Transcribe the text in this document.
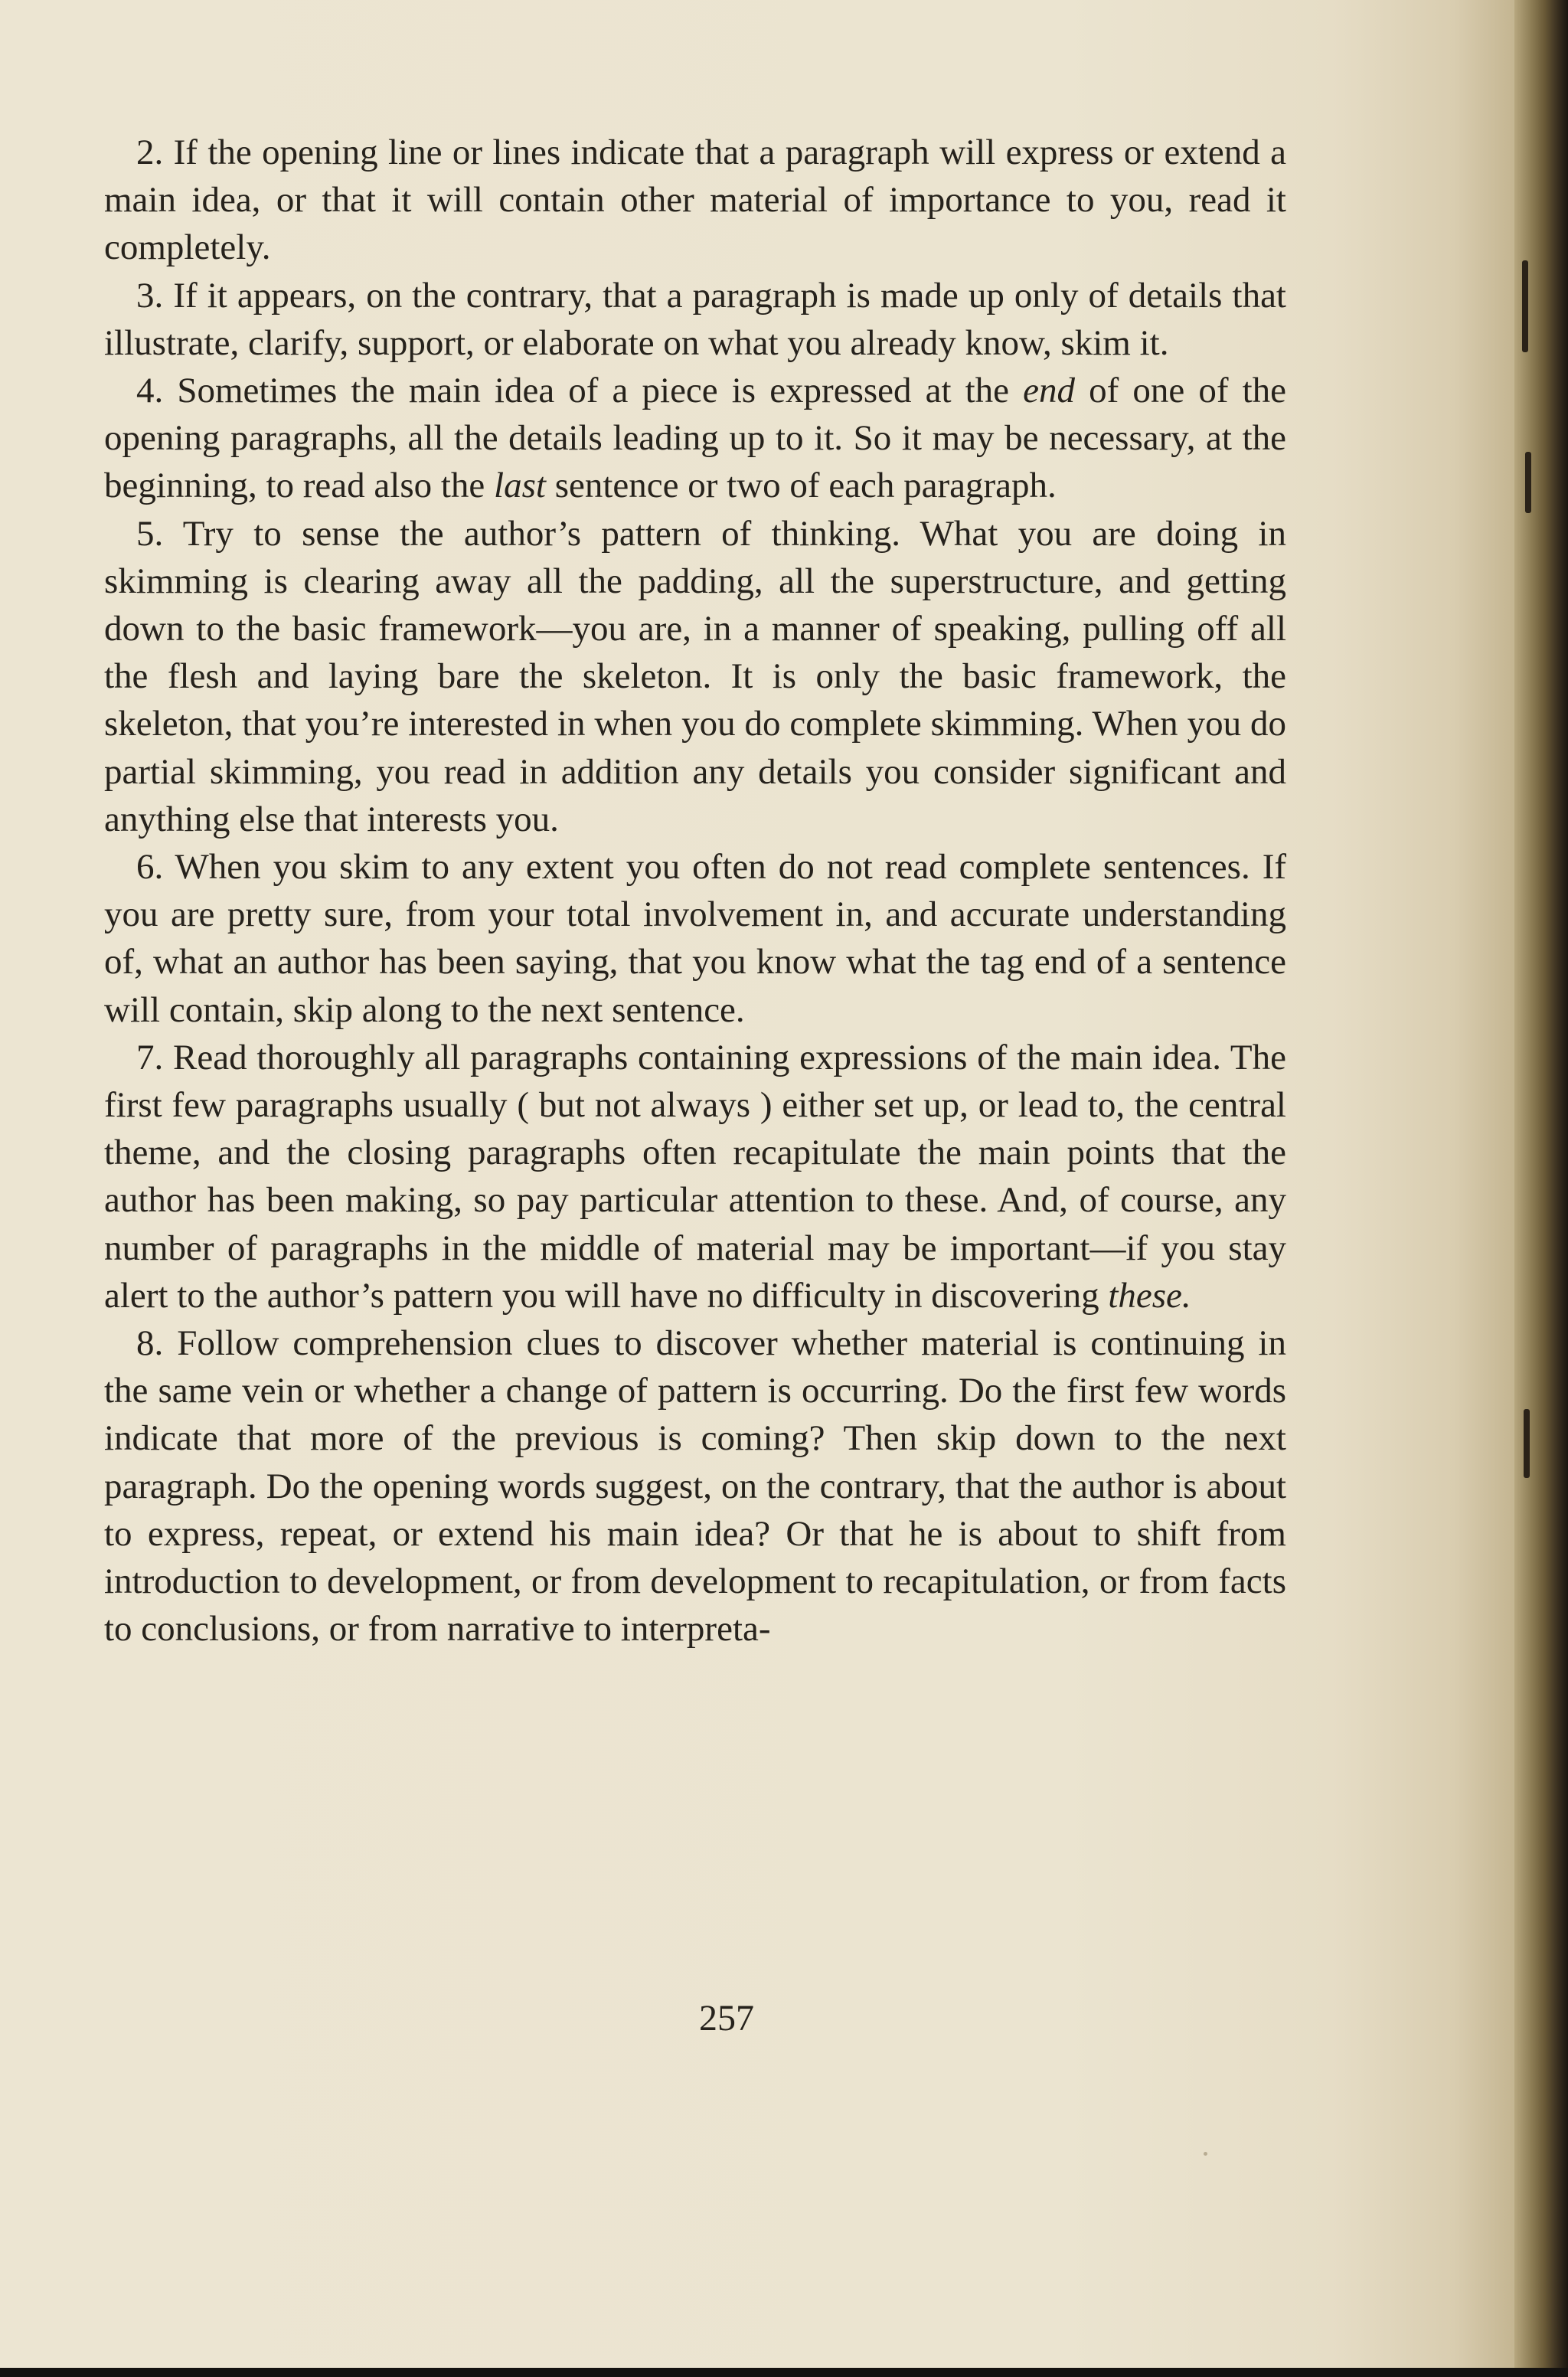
2. If the opening line or lines indicate that a paragraph will express or extend a main idea, or that it will contain other material of importance to you, read it completely.

3. If it appears, on the contrary, that a paragraph is made up only of details that illustrate, clarify, support, or elaborate on what you already know, skim it.

4. Sometimes the main idea of a piece is expressed at the end of one of the opening paragraphs, all the details leading up to it. So it may be necessary, at the beginning, to read also the last sentence or two of each paragraph.

5. Try to sense the author’s pattern of thinking. What you are doing in skimming is clearing away all the padding, all the superstructure, and getting down to the basic framework—you are, in a manner of speaking, pulling off all the flesh and laying bare the skeleton. It is only the basic framework, the skeleton, that you’re interested in when you do complete skimming. When you do partial skimming, you read in addition any details you consider significant and anything else that interests you.

6. When you skim to any extent you often do not read complete sentences. If you are pretty sure, from your total involvement in, and accurate understanding of, what an author has been saying, that you know what the tag end of a sentence will contain, skip along to the next sentence.

7. Read thoroughly all paragraphs containing expressions of the main idea. The first few paragraphs usually ( but not always ) either set up, or lead to, the central theme, and the closing paragraphs often recapitulate the main points that the author has been making, so pay particular attention to these. And, of course, any number of paragraphs in the middle of material may be important—if you stay alert to the author’s pattern you will have no difficulty in discovering these.

8. Follow comprehension clues to discover whether material is continuing in the same vein or whether a change of pattern is occurring. Do the first few words indicate that more of the previous is coming? Then skip down to the next paragraph. Do the opening words suggest, on the contrary, that the author is about to express, repeat, or extend his main idea? Or that he is about to shift from introduction to development, or from development to recapitulation, or from facts to conclusions, or from narrative to interpreta-

257
